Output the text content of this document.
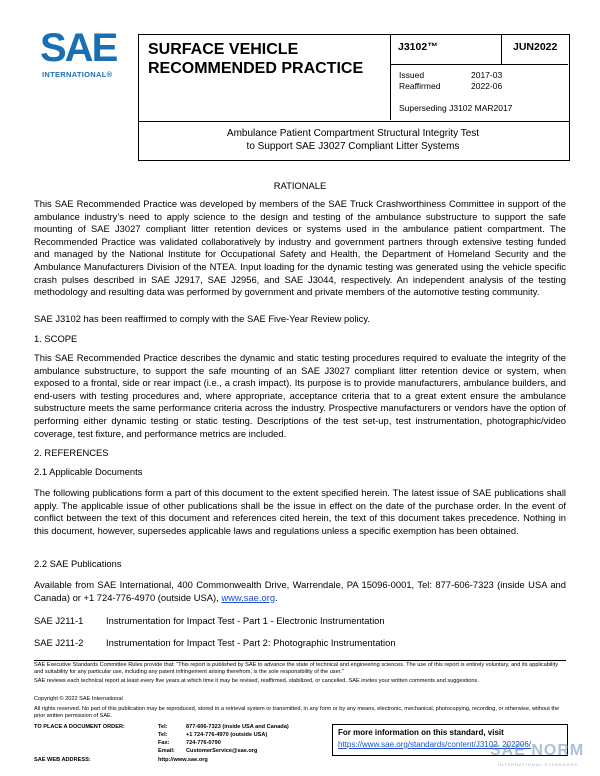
SAE
INTERNATIONAL®
SURFACE VEHICLE
RECOMMENDED PRACTICE
J3102™	JUN2022
Issued	2017-03
Reaffirmed	2022-06
Superseding J3102 MAR2017
Ambulance Patient Compartment Structural Integrity Test
to Support SAE J3027 Compliant Litter Systems
RATIONALE
This SAE Recommended Practice was developed by members of the SAE Truck Crashworthiness Committee in support of the ambulance industry’s need to apply science to the design and testing of the ambulance substructure to support the safe mounting of SAE J3027 compliant litter retention devices or systems used in the ambulance patient compartment. The Recommended Practice was validated collaboratively by industry and government partners through extensive testing funded and managed by the National Institute for Occupational Safety and Health, the Department of Homeland Security and the Ambulance Manufacturers Division of the NTEA. Input loading for the dynamic testing was generated using the vehicle specific crash pulses described in SAE J2917, SAE J2956, and SAE J3044, respectively. An independent analysis of the testing methodology and resulting data was performed by government and private members of the automotive testing community.
SAE J3102 has been reaffirmed to comply with the SAE Five-Year Review policy.
1. SCOPE
This SAE Recommended Practice describes the dynamic and static testing procedures required to evaluate the integrity of the ambulance substructure, to support the safe mounting of an SAE J3027 compliant litter retention device or system, when exposed to a frontal, side or rear impact (i.e., a crash impact). Its purpose is to provide manufacturers, ambulance builders, and end-users with testing procedures and, where appropriate, acceptance criteria that to a great extent ensure the ambulance substructure meets the same performance criteria across the industry. Prospective manufacturers or vendors have the option of performing either dynamic testing or static testing. Descriptions of the test set-up, test instrumentation, photographic/video coverage, test fixture, and performance metrics are included.
2. REFERENCES
2.1 Applicable Documents
The following publications form a part of this document to the extent specified herein. The latest issue of SAE publications shall apply. The applicable issue of other publications shall be the issue in effect on the date of the purchase order. In the event of conflict between the text of this document and references cited herein, the text of this document takes precedence. Nothing in this document, however, supersedes applicable laws and regulations unless a specific exemption has been obtained.
2.2 SAE Publications
Available from SAE International, 400 Commonwealth Drive, Warrendale, PA 15096-0001, Tel: 877-606-7323 (inside USA and Canada) or +1 724-776-4970 (outside USA), www.sae.org.
SAE J211-1 Instrumentation for Impact Test - Part 1 - Electronic Instrumentation
SAE J211-2 Instrumentation for Impact Test - Part 2: Photographic Instrumentation
SAE Executive Standards Committee Rules provide that: “This report is published by SAE to advance the state of technical and engineering sciences. The use of this report is entirely voluntary, and its applicability and suitability for any particular use, including any patent infringement arising therefrom, is the sole responsibility of the user.”
SAE reviews each technical report at least every five years at which time it may be revised, reaffirmed, stabilized, or cancelled. SAE invites your written comments and suggestions.
Copyright © 2022 SAE International
All rights reserved. No part of this publication may be reproduced, stored in a retrieval system or transmitted, in any form or by any means, electronic, mechanical, photocopying, recording, or otherwise, without the prior written permission of SAE.
TO PLACE A DOCUMENT ORDER:	Tel:	877-606-7323 (inside USA and Canada)
Tel:	+1 724-776-4970 (outside USA)
Fax:	724-776-0790
Email: CustomerService@sae.org
SAE WEB ADDRESS:	http://www.sae.org
For more information on this standard, visit
https://www.sae.org/standards/content/J3102_202206/
SAE NORM
INTERNATIONAL STANDARDS
